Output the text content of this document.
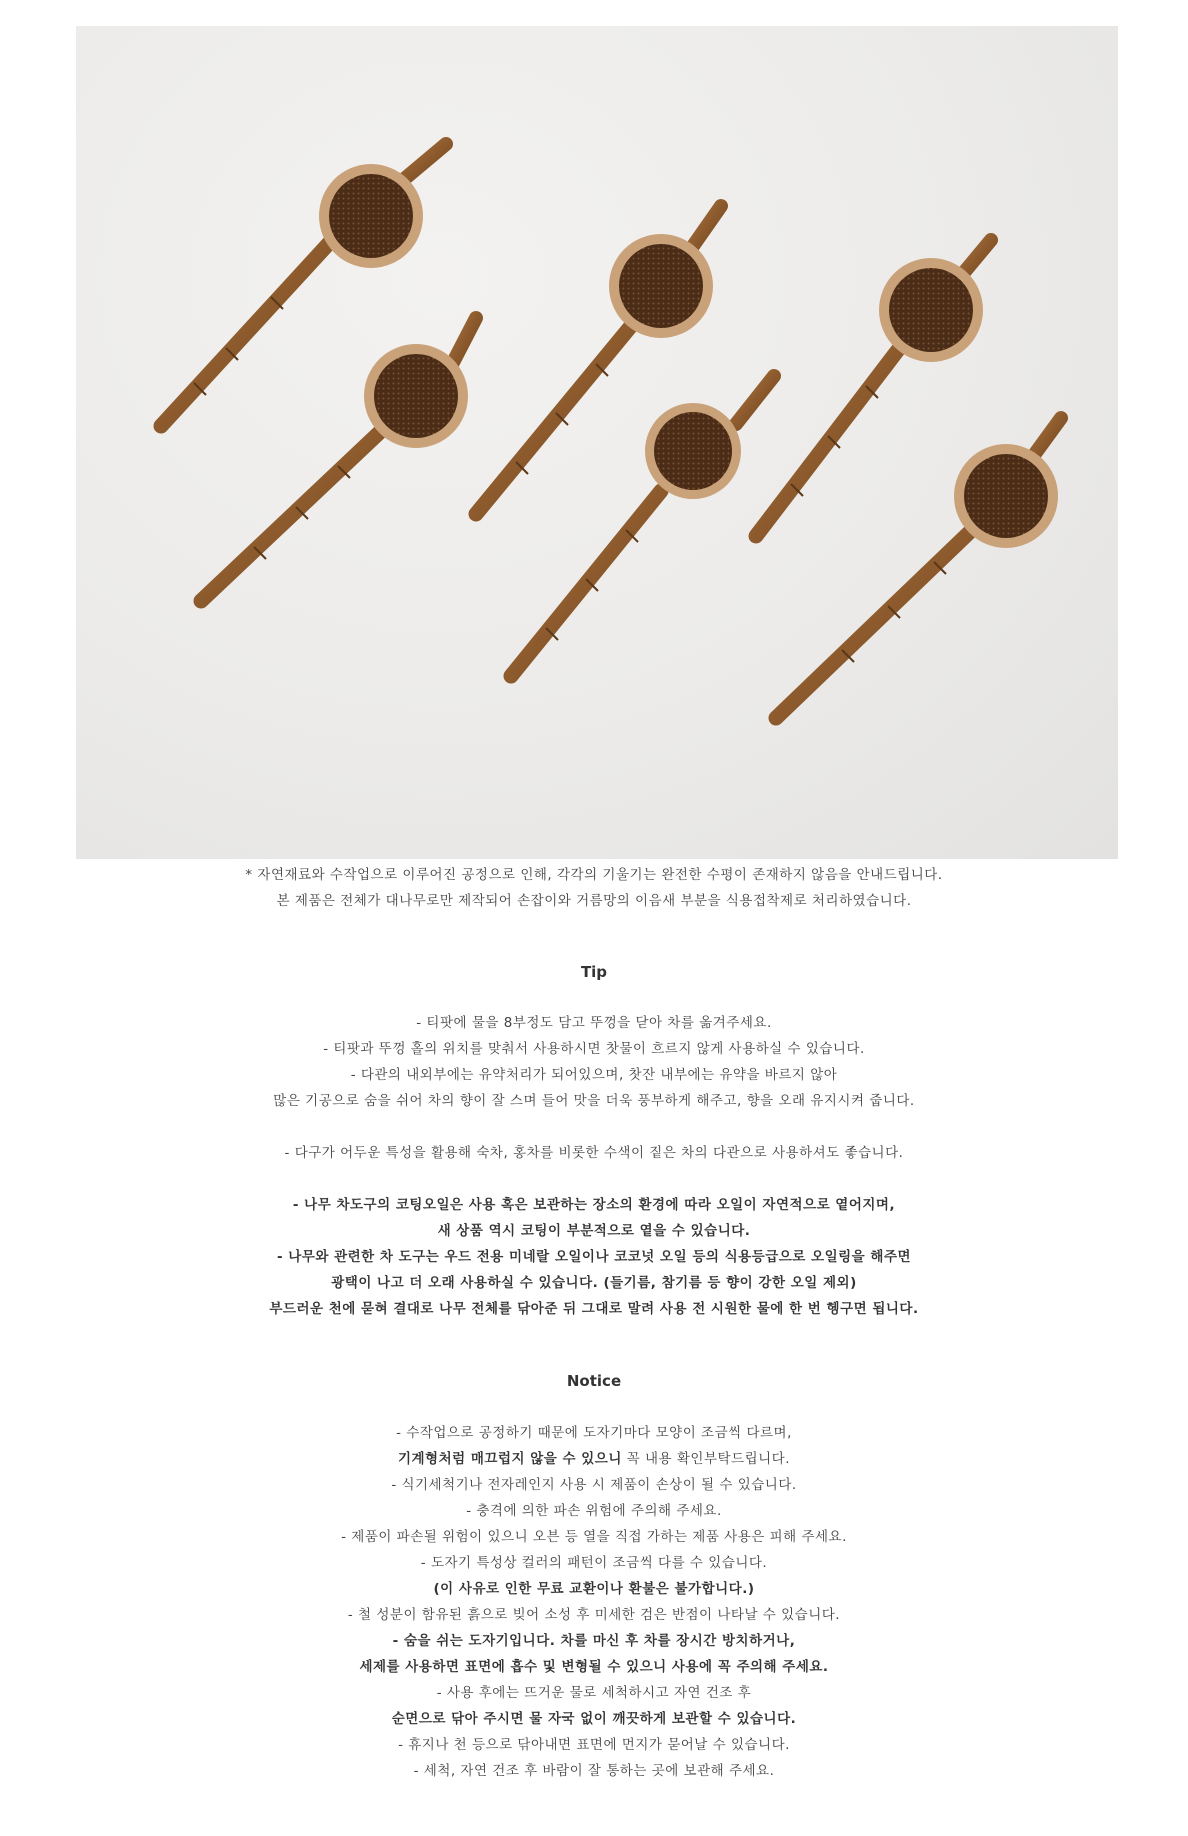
* 자연재료와 수작업으로 이루어진 공정으로 인해, 각각의 기울기는 완전한 수평이 존재하지 않음을 안내드립니다.
본 제품은 전체가 대나무로만 제작되어 손잡이와 거름망의 이음새 부분을 식용접착제로 처리하였습니다.
Tip
- 티팟에 물을 8부정도 담고 뚜껑을 닫아 차를 옮겨주세요.
- 티팟과 뚜껑 홀의 위치를 맞춰서 사용하시면 찻물이 흐르지 않게 사용하실 수 있습니다.
- 다관의 내외부에는 유약처리가 되어있으며, 찻잔 내부에는 유약을 바르지 않아
많은 기공으로 숨을 쉬어 차의 향이 잘 스며 들어 맛을 더욱 풍부하게 해주고, 향을 오래 유지시켜 줍니다.
- 다구가 어두운 특성을 활용해 숙차, 홍차를 비롯한 수색이 짙은 차의 다관으로 사용하셔도 좋습니다.
- 나무 차도구의 코팅오일은 사용 혹은 보관하는 장소의 환경에 따라 오일이 자연적으로 옅어지며,
새 상품 역시 코팅이 부분적으로 옅을 수 있습니다.
- 나무와 관련한 차 도구는 우드 전용 미네랄 오일이나 코코넛 오일 등의 식용등급으로 오일링을 해주면
광택이 나고 더 오래 사용하실 수 있습니다. (들기름, 참기름 등 향이 강한 오일 제외)
부드러운 천에 묻혀 결대로 나무 전체를 닦아준 뒤 그대로 말려 사용 전 시원한 물에 한 번 헹구면 됩니다.
Notice
- 수작업으로 공정하기 때문에 도자기마다 모양이 조금씩 다르며,
기계형처럼 매끄럽지 않을 수 있으니 꼭 내용 확인부탁드립니다.
- 식기세척기나 전자레인지 사용 시 제품이 손상이 될 수 있습니다.
- 충격에 의한 파손 위험에 주의해 주세요.
- 제품이 파손될 위험이 있으니 오븐 등 열을 직접 가하는 제품 사용은 피해 주세요.
- 도자기 특성상 컬러의 패턴이 조금씩 다를 수 있습니다.
(이 사유로 인한 무료 교환이나 환불은 불가합니다.)
- 철 성분이 함유된 흙으로 빚어 소성 후 미세한 검은 반점이 나타날 수 있습니다.
- 숨을 쉬는 도자기입니다. 차를 마신 후 차를 장시간 방치하거나,
세제를 사용하면 표면에 흡수 및 변형될 수 있으니 사용에 꼭 주의해 주세요.
- 사용 후에는 뜨거운 물로 세척하시고 자연 건조 후
순면으로 닦아 주시면 물 자국 없이 깨끗하게 보관할 수 있습니다.
- 휴지나 천 등으로 닦아내면 표면에 먼지가 묻어날 수 있습니다.
- 세척, 자연 건조 후 바람이 잘 통하는 곳에 보관해 주세요.
